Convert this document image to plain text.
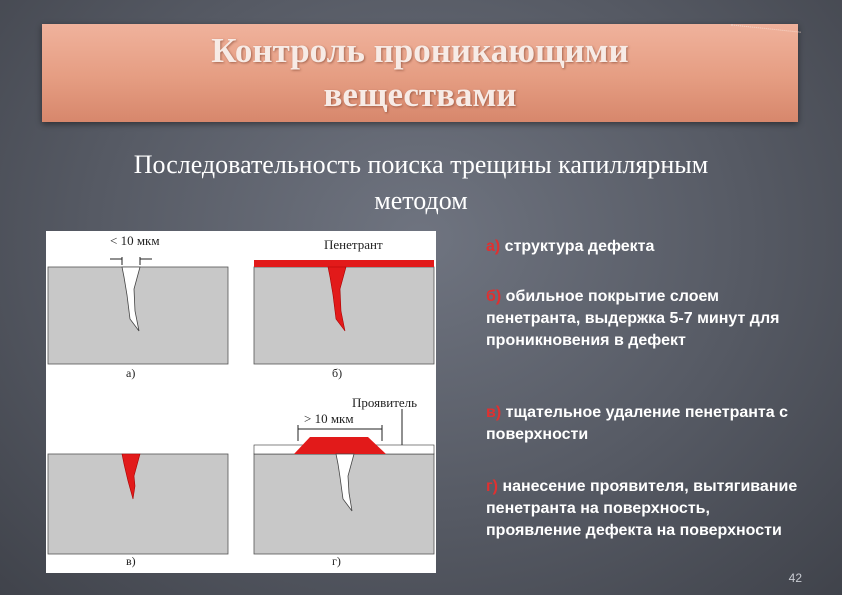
Контроль проникающими
веществами
Последовательность поиска трещины капиллярным
методом
< 10 мкм
а)
Пенетрант
б)
в)
> 10 мкм
Проявитель
г)

а) структура дефекта

б) обильное покрытие слоем пенетранта, выдержка 5-7 минут для проникновения в дефект

в) тщательное удаление пенетранта с поверхности

г) нанесение проявителя, вытягивание пенетранта на поверхность, проявление дефекта на поверхности

42
